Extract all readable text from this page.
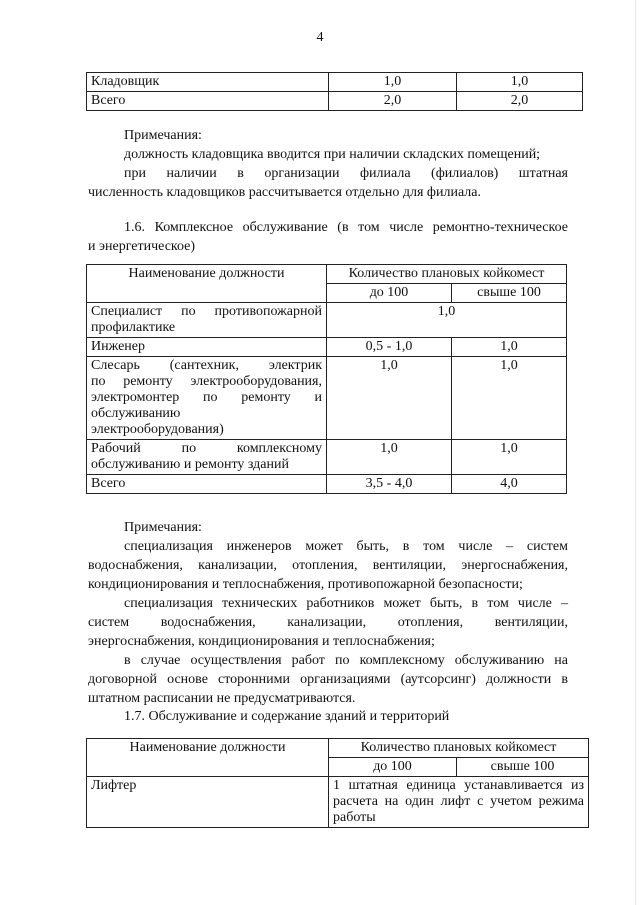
4
Кладовщик	1,0	1,0
Всего	2,0	2,0
Примечания:
должность кладовщика вводится при наличии складских помещений;
при наличии в организации филиала (филиалов) штатная
численность кладовщиков рассчитывается отдельно для филиала.
1.6. Комплексное обслуживание (в том числе ремонтно-техническое
и энергетическое)
Наименование должности	Количество плановых койкомест	
	до 100	свыше 100

Специалист по противопожарной
профилактике	1,0	
Инженер	0,5 - 1,0	1,0

Слесарь (сантехник, электрик
по ремонту электрооборудования,
электромонтер по ремонту и
обслуживанию
электрооборудования)	1,0	1,0

Рабочий по комплексному
обслуживанию и ремонту зданий	1,0	1,0
Всего	3,5 - 4,0	4,0
Примечания:
специализация инженеров может быть, в том числе – систем
водоснабжения, канализации, отопления, вентиляции, энергоснабжения,
кондиционирования и теплоснабжения, противопожарной безопасности;
специализация технических работников может быть, в том числе –
систем водоснабжения, канализации, отопления, вентиляции,
энергоснабжения, кондиционирования и теплоснабжения;
в случае осуществления работ по комплексному обслуживанию на
договорной основе сторонними организациями (аутсорсинг) должности в
штатном расписании не предусматриваются.
1.7. Обслуживание и содержание зданий и территорий
Наименование должности	Количество плановых койкомест	
	до 100	свыше 100
Лифтер	1 штатная единица устанавливается из
расчета на один лифт с учетом режима
работы	
